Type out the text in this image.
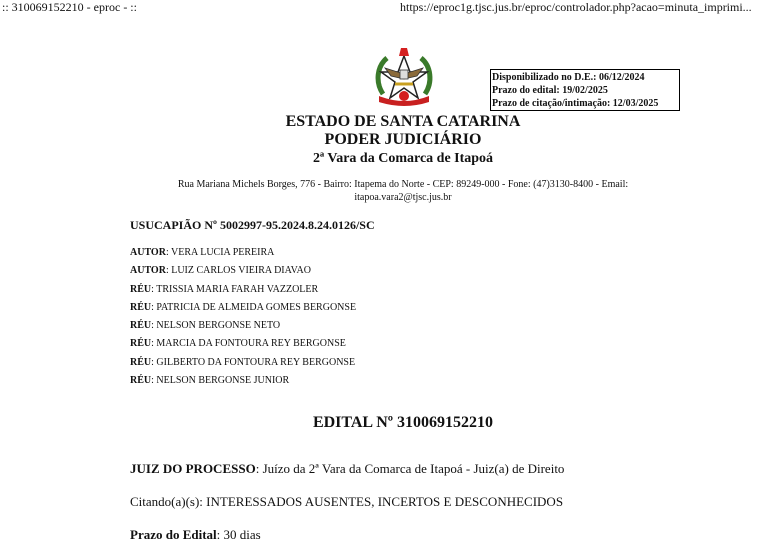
:: 310069152210 - eproc - ::	https://eproc1g.tjsc.jus.br/eproc/controlador.php?acao=minuta_imprimi...
Disponibilizado no D.E.: 06/12/2024
Prazo do edital: 19/02/2025
Prazo de citação/intimação: 12/03/2025
ESTADO DE SANTA CATARINA
PODER JUDICIÁRIO
2ª Vara da Comarca de Itapoá
Rua Mariana Michels Borges, 776 - Bairro: Itapema do Norte - CEP: 89249-000 - Fone: (47)3130-8400 - Email: itapoa.vara2@tjsc.jus.br
USUCAPIÃO Nº 5002997-95.2024.8.24.0126/SC
AUTOR: VERA LUCIA PEREIRA
AUTOR: LUIZ CARLOS VIEIRA DIAVAO
RÉU: TRISSIA MARIA FARAH VAZZOLER
RÉU: PATRICIA DE ALMEIDA GOMES BERGONSE
RÉU: NELSON BERGONSE NETO
RÉU: MARCIA DA FONTOURA REY BERGONSE
RÉU: GILBERTO DA FONTOURA REY BERGONSE
RÉU: NELSON BERGONSE JUNIOR
EDITAL Nº 310069152210
JUIZ DO PROCESSO: Juízo da 2ª Vara da Comarca de Itapoá - Juiz(a) de Direito
Citando(a)(s): INTERESSADOS AUSENTES, INCERTOS E DESCONHECIDOS
Prazo do Edital: 30 dias
